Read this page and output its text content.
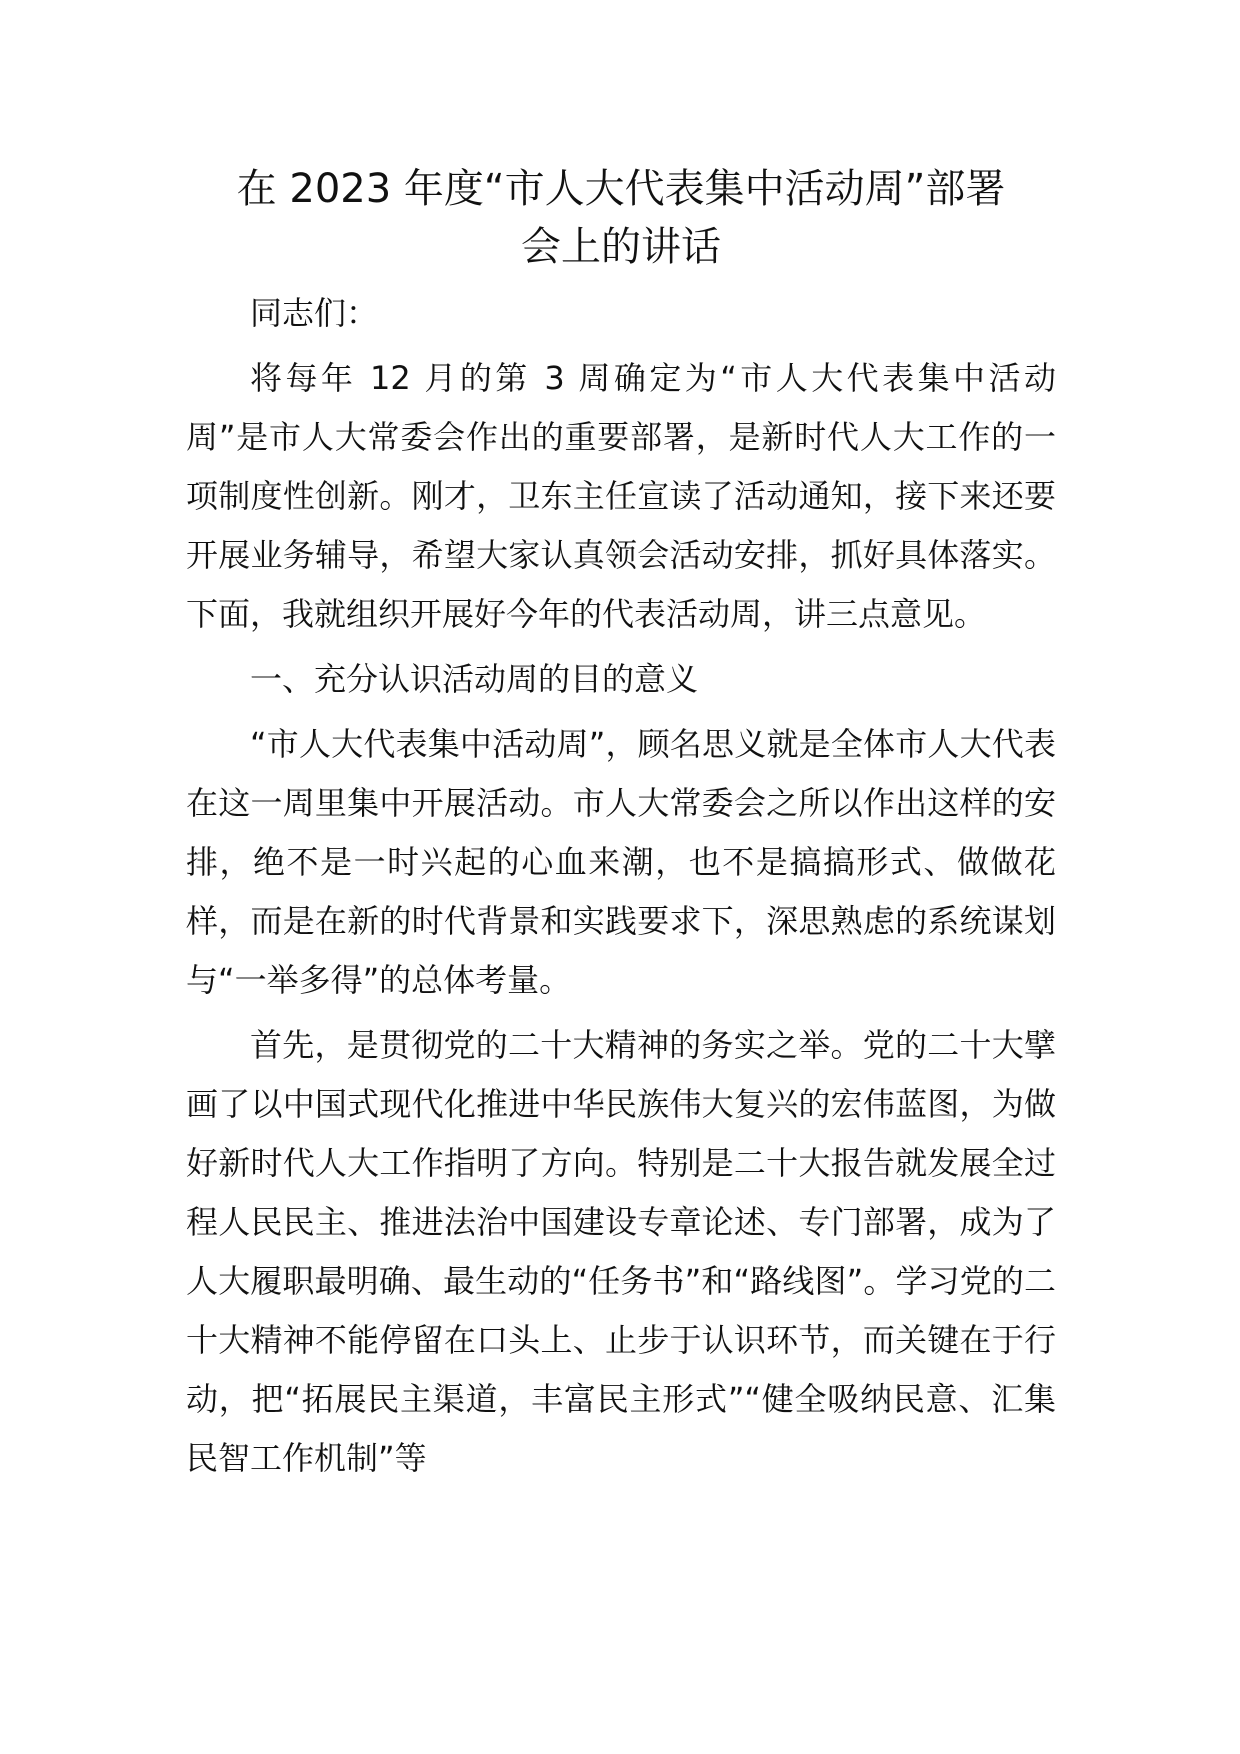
在 2023 年度“市人大代表集中活动周”部署
会上的讲话

同志们：

将每年 12 月的第 3 周确定为“市人大代表集中活动周”是市人大常委会作出的重要部署，是新时代人大工作的一项制度性创新。刚才，卫东主任宣读了活动通知，接下来还要开展业务辅导，希望大家认真领会活动安排，抓好具体落实。下面，我就组织开展好今年的代表活动周，讲三点意见。

一、充分认识活动周的目的意义

“市人大代表集中活动周”，顾名思义就是全体市人大代表在这一周里集中开展活动。市人大常委会之所以作出这样的安排，绝不是一时兴起的心血来潮，也不是搞搞形式、做做花样，而是在新的时代背景和实践要求下，深思熟虑的系统谋划与“一举多得”的总体考量。

首先，是贯彻党的二十大精神的务实之举。党的二十大擘画了以中国式现代化推进中华民族伟大复兴的宏伟蓝图，为做好新时代人大工作指明了方向。特别是二十大报告就发展全过程人民民主、推进法治中国建设专章论述、专门部署，成为了人大履职最明确、最生动的“任务书”和“路线图”。学习党的二十大精神不能停留在口头上、止步于认识环节，而关键在于行动，把“拓展民主渠道，丰富民主形式”“健全吸纳民意、汇集民智工作机制”等
